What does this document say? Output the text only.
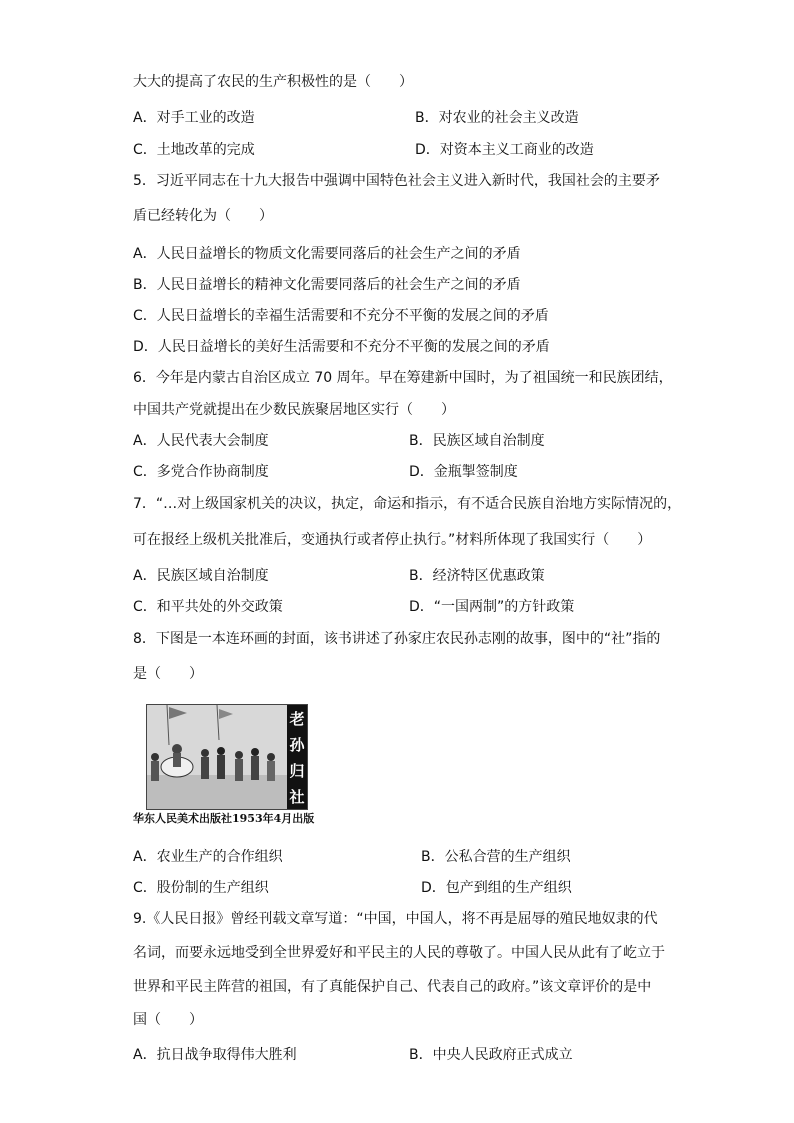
大大的提高了农民的生产积极性的是（　　）
A．对手工业的改造	B．对农业的社会主义改造
C．土地改革的完成	D．对资本主义工商业的改造
5．习近平同志在十九大报告中强调中国特色社会主义进入新时代，我国社会的主要矛
盾已经转化为（　　）
A．人民日益增长的物质文化需要同落后的社会生产之间的矛盾
B．人民日益增长的精神文化需要同落后的社会生产之间的矛盾
C．人民日益增长的幸福生活需要和不充分不平衡的发展之间的矛盾
D．人民日益增长的美好生活需要和不充分不平衡的发展之间的矛盾
6．今年是内蒙古自治区成立 70 周年。早在筹建新中国时，为了祖国统一和民族团结，
中国共产党就提出在少数民族聚居地区实行（　　）
A．人民代表大会制度	B．民族区域自治制度
C．多党合作协商制度	D．金瓶掣签制度
7．“…对上级国家机关的决议，执定，命运和指示，有不适合民族自治地方实际情况的，
可在报经上级机关批准后，变通执行或者停止执行。”材料所体现了我国实行（　　）
A．民族区域自治制度	B．经济特区优惠政策
C．和平共处的外交政策	D．“一国两制”的方针政策
8．下图是一本连环画的封面，该书讲述了孙家庄农民孙志刚的故事，图中的“社”指的
是（　　）
老
孙
归
社
华东人民美术出版社1953年4月出版
A．农业生产的合作组织	B．公私合营的生产组织
C．股份制的生产组织	D．包产到组的生产组织
9.《人民日报》曾经刊载文章写道：“中国，中国人，将不再是屈辱的殖民地奴隶的代
名词，而要永远地受到全世界爱好和平民主的人民的尊敬了。中国人民从此有了屹立于
世界和平民主阵营的祖国，有了真能保护自己、代表自己的政府。”该文章评价的是中
国（　　）
A．抗日战争取得伟大胜利	B．中央人民政府正式成立
